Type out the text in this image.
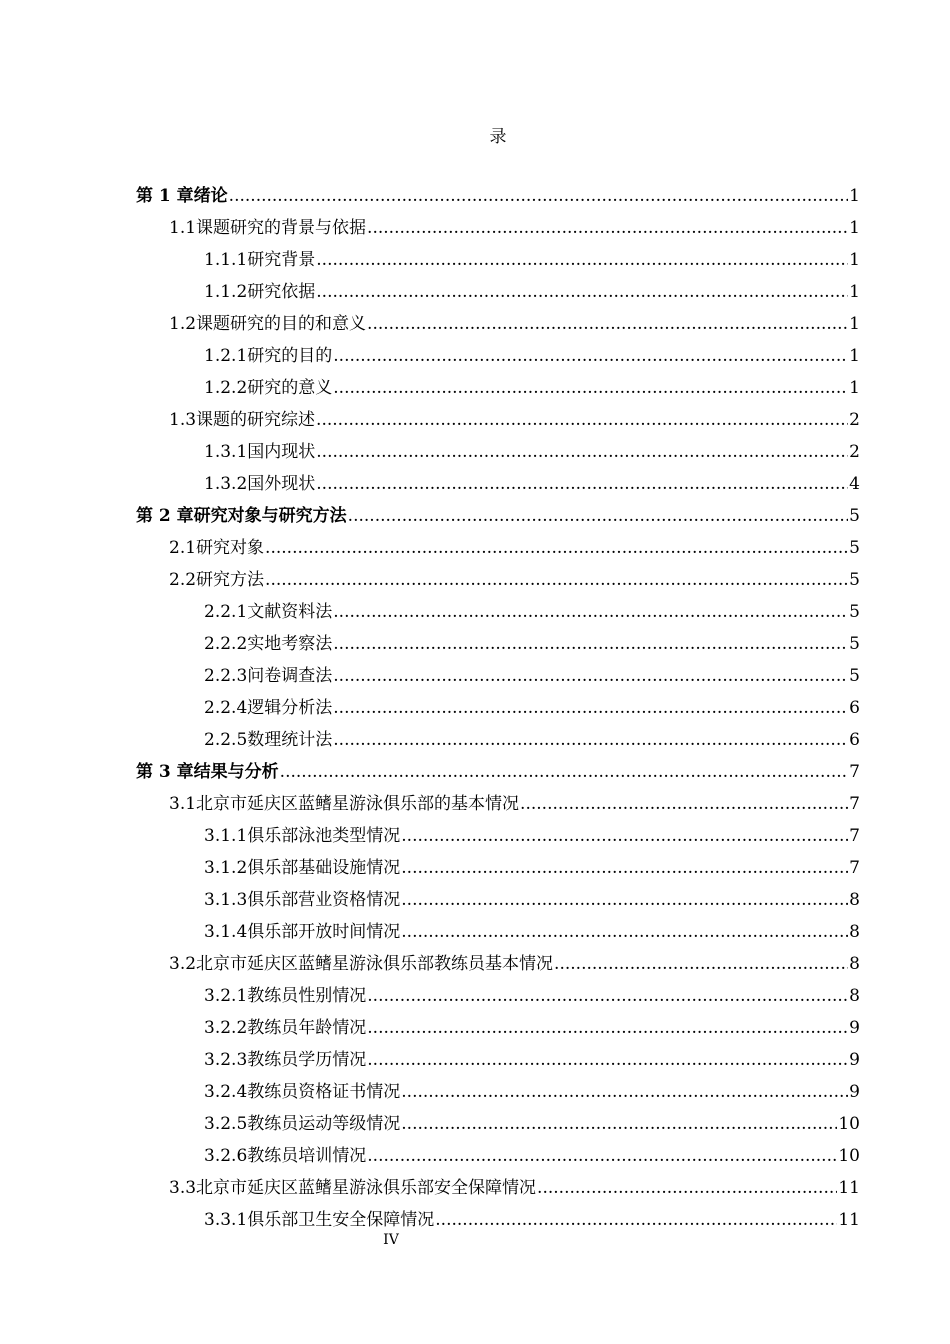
录
第 1 章 绪论 .....	1
1.1 课题研究的背景与依据 .....	1
1.1.1 研究背景 .....	1
1.1.2 研究依据 .....	1
1.2 课题研究的目的和意义 .....	1
1.2.1 研究的目的 .....	1
1.2.2 研究的意义 .....	1
1.3 课题的研究综述 .....	2
1.3.1 国内现状 .....	2
1.3.2 国外现状 .....	4
第 2 章 研究对象与研究方法 .....	5
2.1 研究对象 .....	5
2.2 研究方法 .....	5
2.2.1 文献资料法 .....	5
2.2.2 实地考察法 .....	5
2.2.3 问卷调查法 .....	5
2.2.4 逻辑分析法 .....	6
2.2.5 数理统计法 .....	6
第 3 章 结果与分析 .....	7
3.1 北京市延庆区蓝鳍星游泳俱乐部的基本情况 .....	7
3.1.1 俱乐部泳池类型情况 .....	7
3.1.2 俱乐部基础设施情况 .....	7
3.1.3 俱乐部营业资格情况 .....	8
3.1.4 俱乐部开放时间情况 .....	8
3.2 北京市延庆区蓝鳍星游泳俱乐部教练员基本情况 .....	8
3.2.1 教练员性别情况 .....	8
3.2.2 教练员年龄情况 .....	9
3.2.3 教练员学历情况 .....	9
3.2.4 教练员资格证书情况 .....	9
3.2.5 教练员运动等级情况 .....	10
3.2.6 教练员培训情况 .....	10
3.3 北京市延庆区蓝鳍星游泳俱乐部安全保障情况 .....	11
3.3.1 俱乐部卫生安全保障情况 .....	11
IV
